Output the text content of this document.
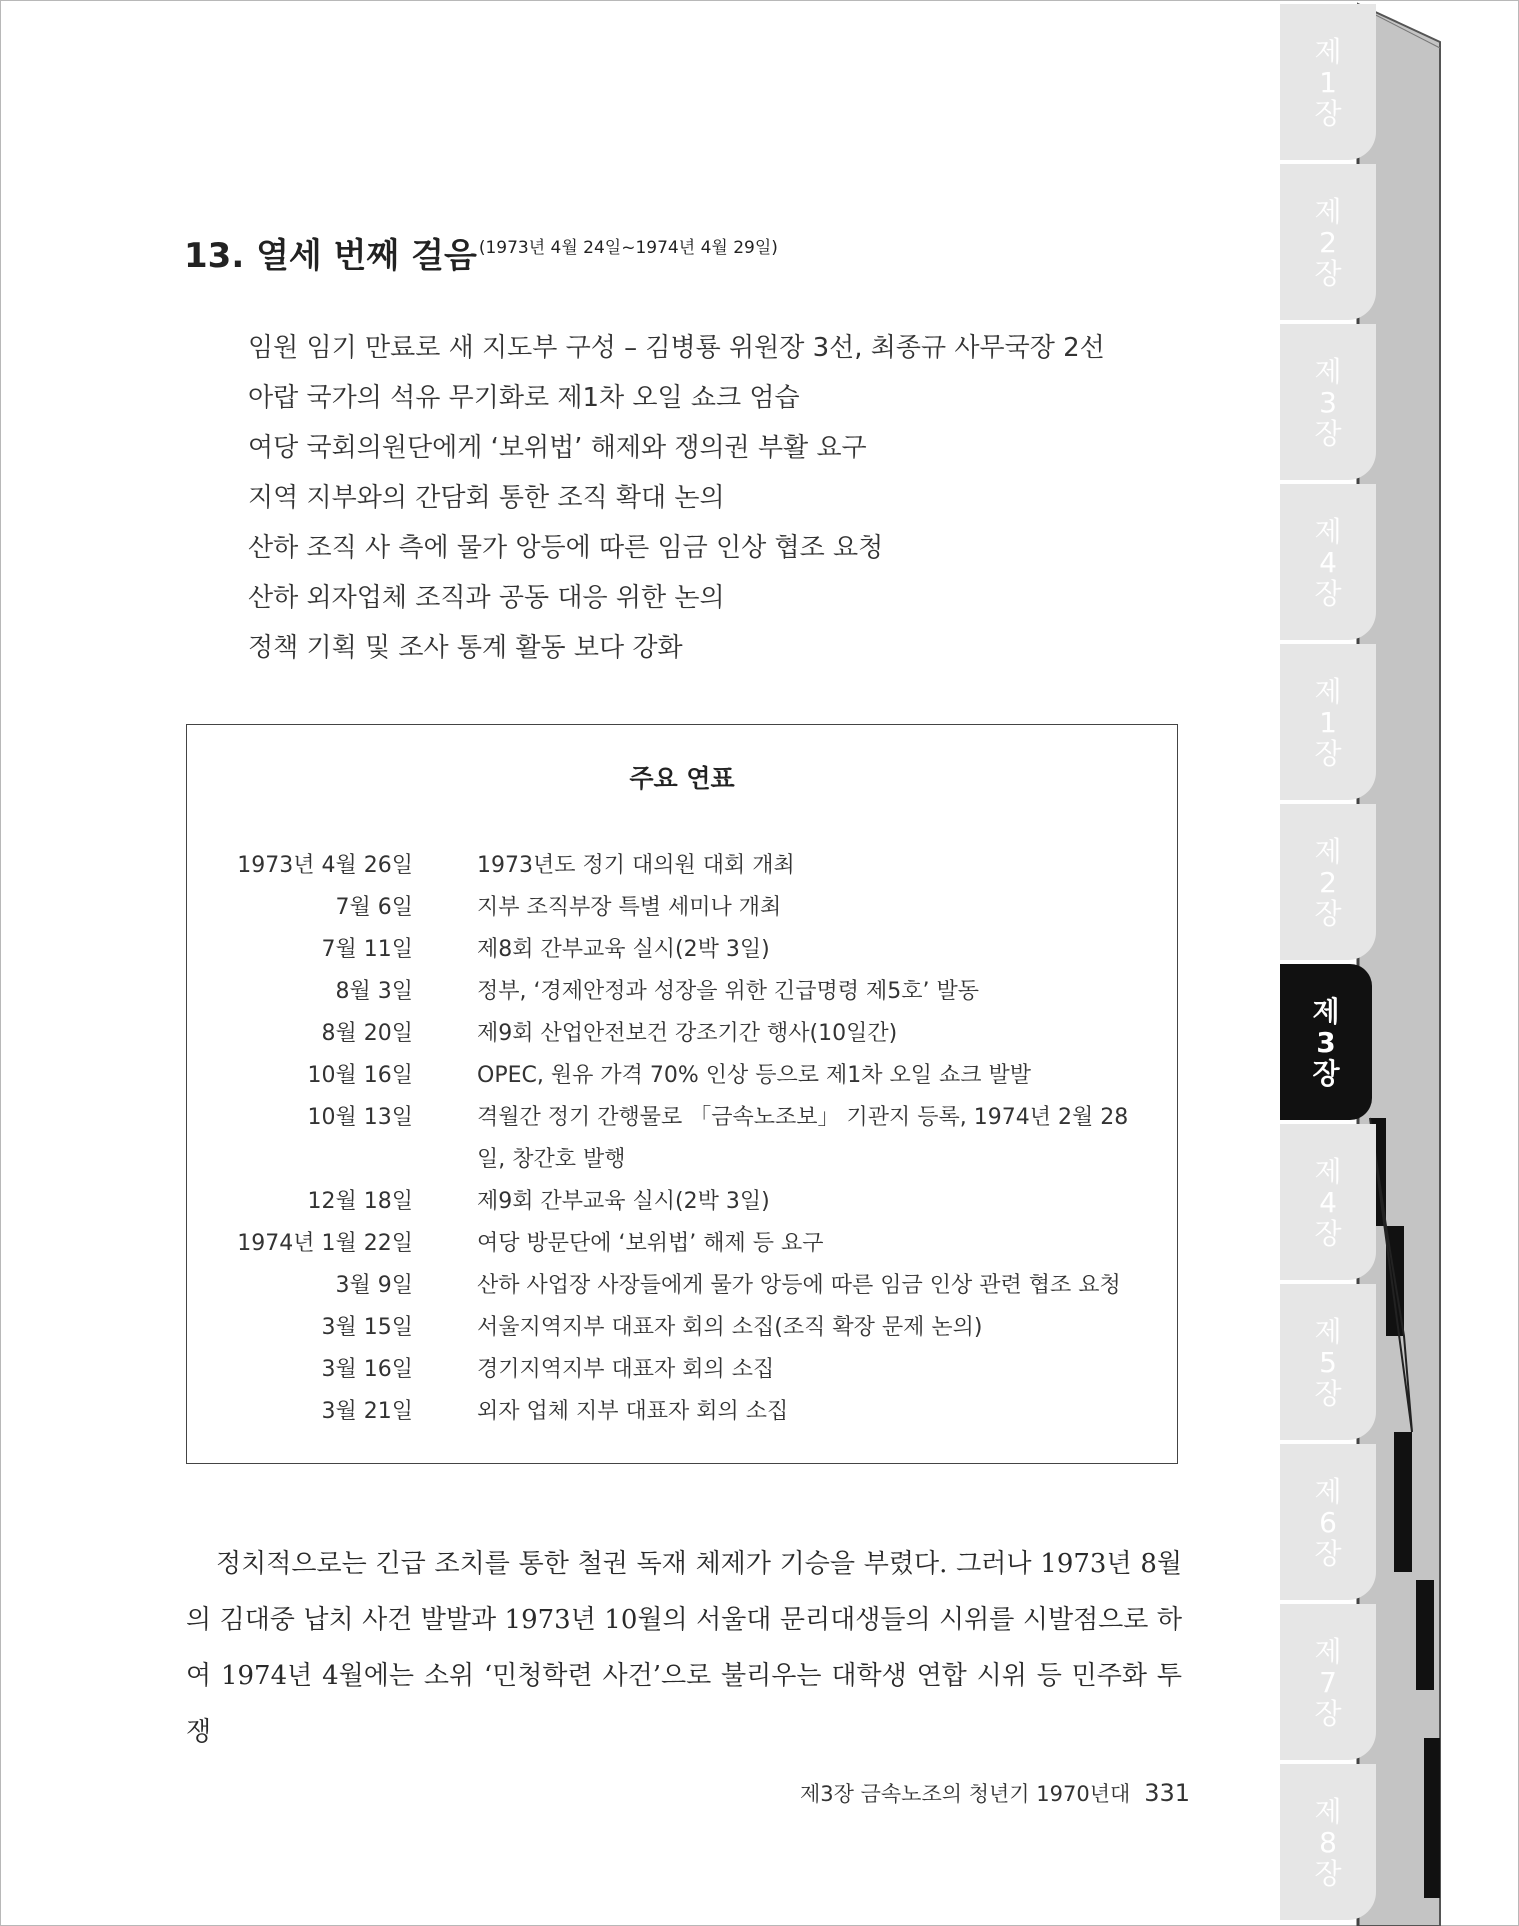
13. 열세 번째 걸음 $^{(1973년 4월 24일\sim 1974년 4월 29일)}$
임원 임기 만료로 새 지도부 구성 – 김병룡 위원장 3선, 최종규 사무국장 2선
아랍 국가의 석유 무기화로 제1차 오일 쇼크 엄습
여당 국회의원단에게 ‘보위법’ 해제와 쟁의권 부활 요구
지역 지부와의 간담회 통한 조직 확대 논의
산하 조직 사 측에 물가 앙등에 따른 임금 인상 협조 요청
산하 외자업체 조직과 공동 대응 위한 논의
정책 기획 및 조사 통계 활동 보다 강화
주요 연표
1973년 4월 26일	1973년도 정기 대의원 대회 개최
7월 6일	지부 조직부장 특별 세미나 개최
7월 11일	제8회 간부교육 실시(2박 3일)
8월 3일	정부, ‘경제안정과 성장을 위한 긴급명령 제5호’ 발동
8월 20일	제9회 산업안전보건 강조기간 행사(10일간)
10월 16일	OPEC, 원유 가격 70% 인상 등으로 제1차 오일 쇼크 발발
10월 13일	격월간 정기 간행물로 「금속노조보」 기관지 등록, 1974년 2월 28일, 창간호 발행
12월 18일	제9회 간부교육 실시(2박 3일)
1974년 1월 22일	여당 방문단에 ‘보위법’ 해제 등 요구
3월 9일	산하 사업장 사장들에게 물가 앙등에 따른 임금 인상 관련 협조 요청
3월 15일	서울지역지부 대표자 회의 소집(조직 확장 문제 논의)
3월 16일	경기지역지부 대표자 회의 소집
3월 21일	외자 업체 지부 대표자 회의 소집

정치적으로는 긴급 조치를 통한 철권 독재 체제가 기승을 부렸다. 그러나 1973년 8월의 김대중 납치 사건 발발과 1973년 10월의 서울대 문리대생들의 시위를 시발점으로 하여 1974년 4월에는 소위 ‘민청학련 사건’으로 불리우는 대학생 연합 시위 등 민주화 투쟁

제3장 금속노조의 청년기 1970년대 331
제
1
장
제
2
장
제
3
장
제
4
장
제
1
장
제
2
장
제
3
장
제
4
장
제
5
장
제
6
장
제
7
장
제
8
장
